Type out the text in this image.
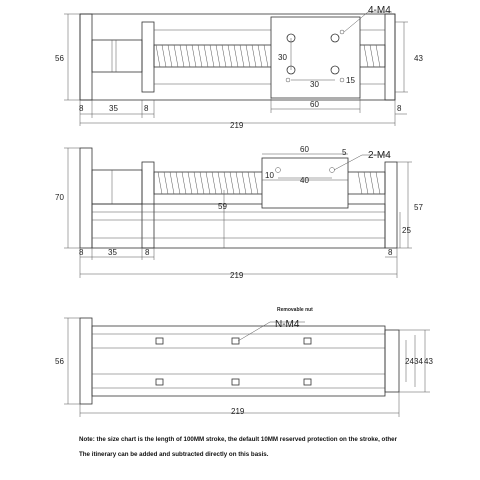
4-M4
56	43
30
30	15
60
8	35	8	8
219
2-M4
60
10
40
5
70
57
59
25
8	35	8	8
219
Removable nut
N-M4
56	24 34 43
219
Note: the size chart is the length of 100MM stroke, the default 10MM reserved protection on the stroke, other
The itinerary can be added and subtracted directly on this basis.
